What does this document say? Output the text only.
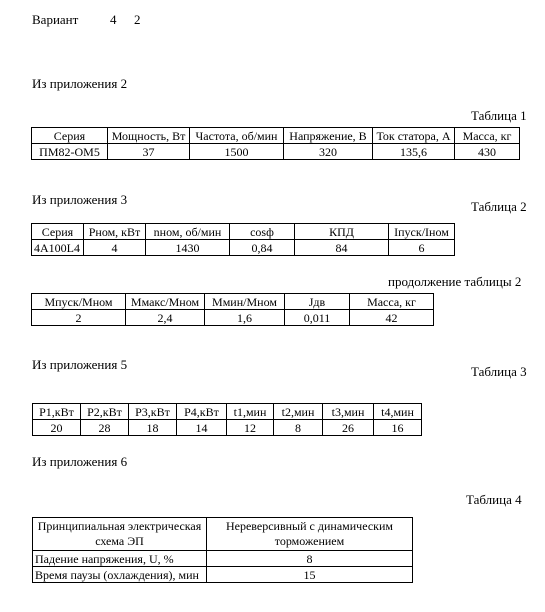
Вариант 4 2
Из приложения 2
Таблица 1
Серия	Мощность, Вт	Частота, об/мин	Напряжение, В	Ток статора, А	Масса, кг
ПМ82-ОМ5	37	1500	320	135,6	430
Из приложения 3	Таблица 2
Серия	Pном, кВт	nном, об/мин	cosф	КПД	Iпуск/Iном
4А100L4	4	1430	0,84	84	6
продолжение таблицы 2
Мпуск/Мном	Ммакс/Мном	Ммин/Мном	Jдв	Масса, кг
2	2,4	1,6	0,011	42
Из приложения 5	Таблица 3
P1,кВт	P2,кВт	P3,кВт	P4,кВт	t1,мин	t2,мин	t3,мин	t4,мин
20	28	18	14	12	8	26	16
Из приложения 6
Таблица 4
Принципиальная электрическая схема ЭП	Нереверсивный с динамическим торможением
Падение напряжения, U, %	8
Время паузы (охлаждения), мин	15
